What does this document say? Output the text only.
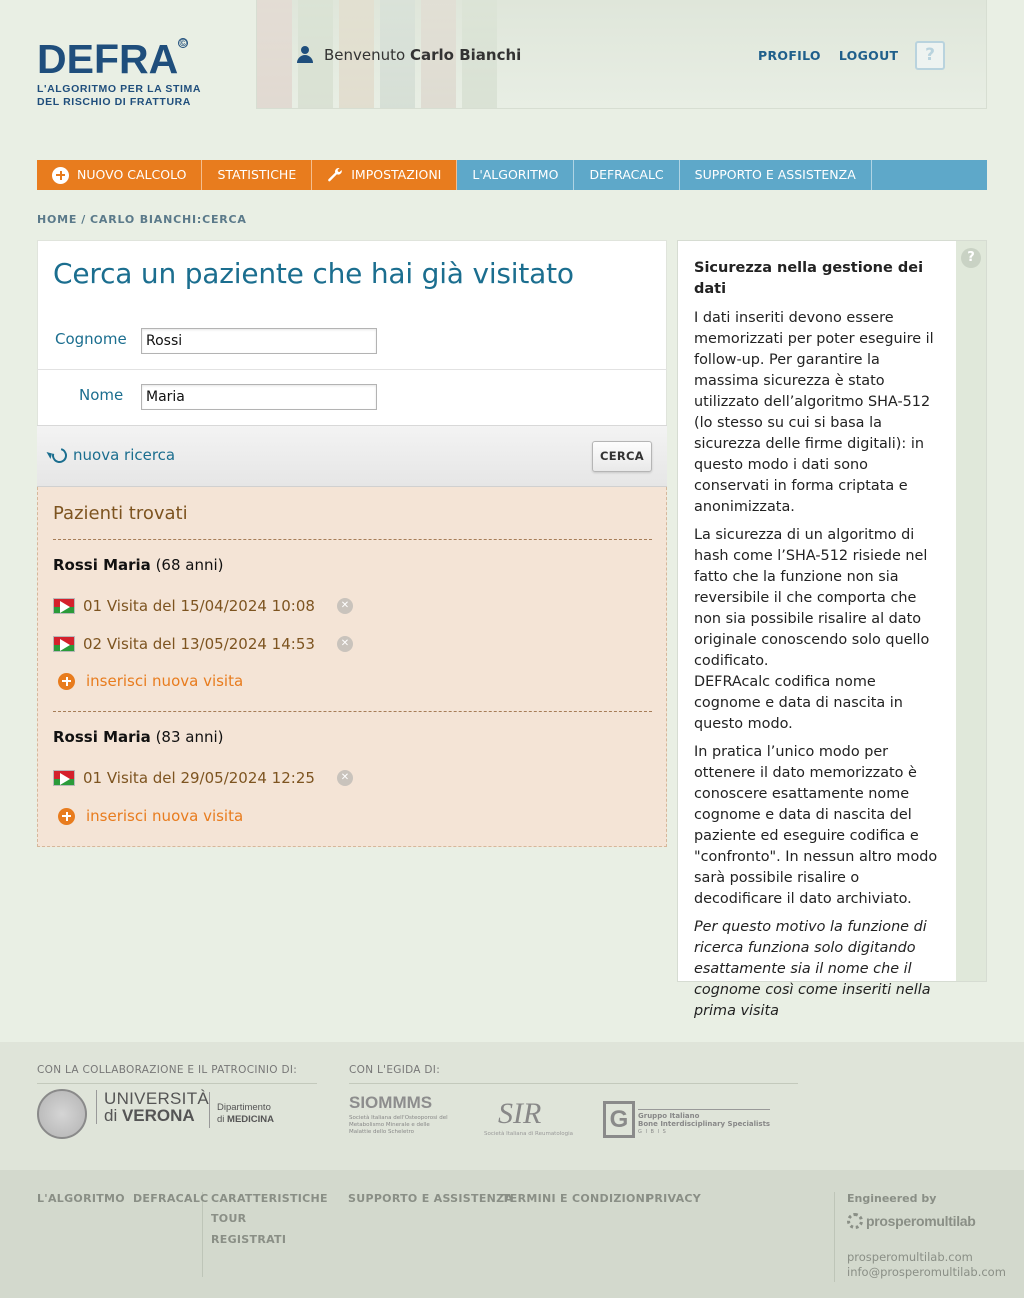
DEFRA ©
L'ALGORITMO PER LA STIMA
DEL RISCHIO DI FRATTURA
Benvenuto Carlo Bianchi	PROFILO LOGOUT	?
NUOVO CALCOLO STATISTICHE	IMPOSTAZIONI L'ALGORITMO DEFRACALC SUPPORTO E ASSISTENZA
HOME / CARLO BIANCHI:CERCA
Cerca un paziente che hai già visitato
Cognome
Rossi
Nome
Maria
nuova ricerca	CERCA
Pazienti trovati
Rossi Maria (68 anni)
01 Visita del 15/04/2024 10:08	✕
02 Visita del 13/05/2024 14:53	✕
inserisci nuova visita
Rossi Maria (83 anni)
01 Visita del 29/05/2024 12:25	✕
inserisci nuova visita
?
Sicurezza nella gestione dei dati

I dati inseriti devono essere memorizzati per poter eseguire il follow-up. Per garantire la massima sicurezza è stato utilizzato dell’algoritmo SHA-512 (lo stesso su cui si basa la sicurezza delle firme digitali): in questo modo i dati sono conservati in forma criptata e anonimizzata.

La sicurezza di un algoritmo di hash come l’SHA-512 risiede nel fatto che la funzione non sia reversibile il che comporta che non sia possibile risalire al dato originale conoscendo solo quello codificato.
DEFRAcalc codifica nome cognome e data di nascita in questo modo.

In pratica l’unico modo per ottenere il dato memorizzato è conoscere esattamente nome cognome e data di nascita del paziente ed eseguire codifica e "confronto". In nessun altro modo sarà possibile risalire o decodificare il dato archiviato.

Per questo motivo la funzione di ricerca funziona solo digitando esattamente sia il nome che il cognome così come inseriti nella prima visita

CON LA COLLABORAZIONE E IL PATROCINIO DI:	CON L'EGIDA DI:
UNIVERSITÀ
di VERONA	Dipartimento
di MEDICINA
SIOMMMS
Società Italiana dell'Osteoporosi del Metabolismo Minerale e delle Malattie dello Scheletro
SIR
Società Italiana di Reumatologia
G	Gruppo Italiano
Bone Interdisciplinary Specialists
G I B I S
L'ALGORITMO DEFRACALC CARATTERISTICHE
TOUR
REGISTRATI
SUPPORTO E ASSISTENZA
TERMINI E CONDIZIONI
PRIVACY	Engineered by
prosperomultilab
prosperomultilab.com
info@prosperomultilab.com
